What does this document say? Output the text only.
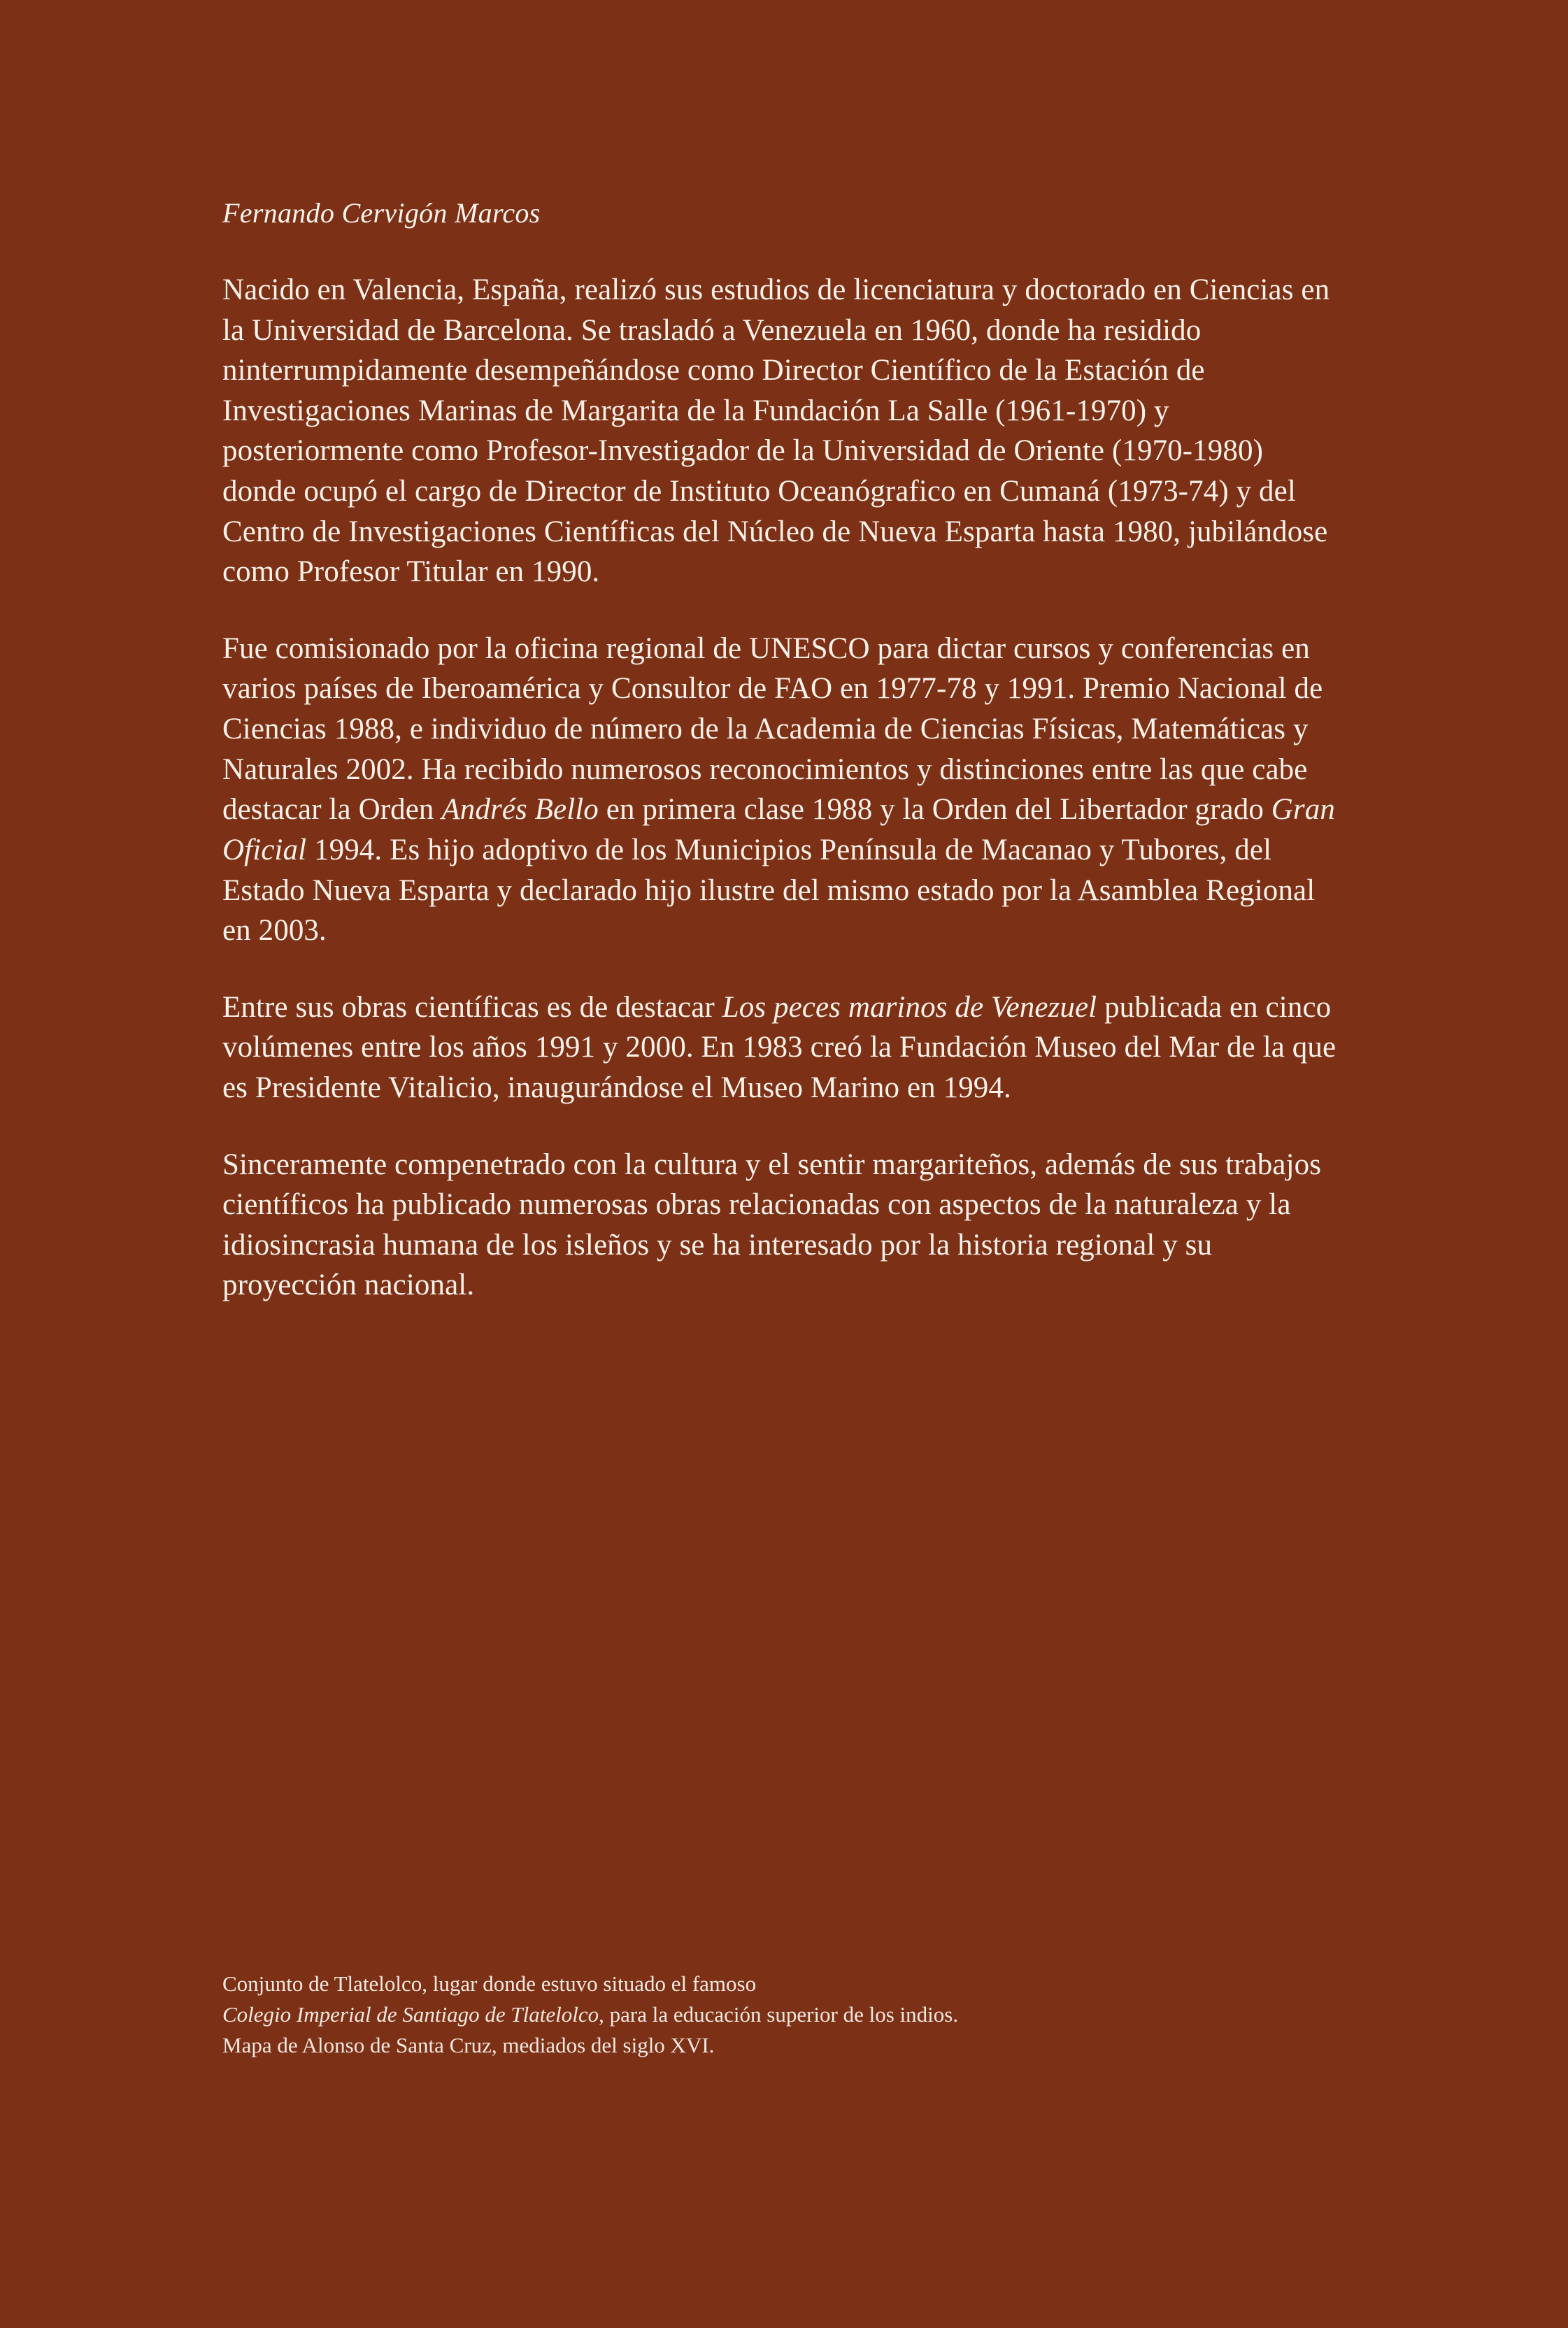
Fernando Cervigón Marcos

Nacido en Valencia, España, realizó sus estudios de licenciatura y doctorado en Ciencias en la Universidad de Barcelona. Se trasladó a Venezuela en 1960, donde ha residido ninterrumpidamente desempeñándose como Director Científico de la Estación de Investigaciones Marinas de Margarita de la Fundación La Salle (1961-1970) y posteriormente como Profesor-Investigador de la Universidad de Oriente (1970-1980) donde ocupó el cargo de Director de Instituto Oceanógrafico en Cumaná (1973-74) y del Centro de Investigaciones Científicas del Núcleo de Nueva Esparta hasta 1980, jubilándose como Profesor Titular en 1990.

Fue comisionado por la oficina regional de UNESCO para dictar cursos y conferencias en varios países de Iberoamérica y Consultor de FAO en 1977-78 y 1991. Premio Nacional de Ciencias 1988, e individuo de número de la Academia de Ciencias Físicas, Matemáticas y Naturales 2002. Ha recibido numerosos reconocimientos y distinciones entre las que cabe destacar la Orden Andrés Bello en primera clase 1988 y la Orden del Libertador grado Gran Oficial 1994. Es hijo adoptivo de los Municipios Península de Macanao y Tubores, del Estado Nueva Esparta y declarado hijo ilustre del mismo estado por la Asamblea Regional en 2003.

Entre sus obras científicas es de destacar Los peces marinos de Venezuel publicada en cinco volúmenes entre los años 1991 y 2000. En 1983 creó la Fundación Museo del Mar de la que es Presidente Vitalicio, inaugurándose el Museo Marino en 1994.

Sinceramente compenetrado con la cultura y el sentir margariteños, además de sus trabajos científicos ha publicado numerosas obras relacionadas con aspectos de la naturaleza y la idiosincrasia humana de los isleños y se ha interesado por la historia regional y su proyección nacional.

Conjunto de Tlatelolco, lugar donde estuvo situado el famoso
Colegio Imperial de Santiago de Tlatelolco, para la educación superior de los indios.
Mapa de Alonso de Santa Cruz, mediados del siglo XVI.
